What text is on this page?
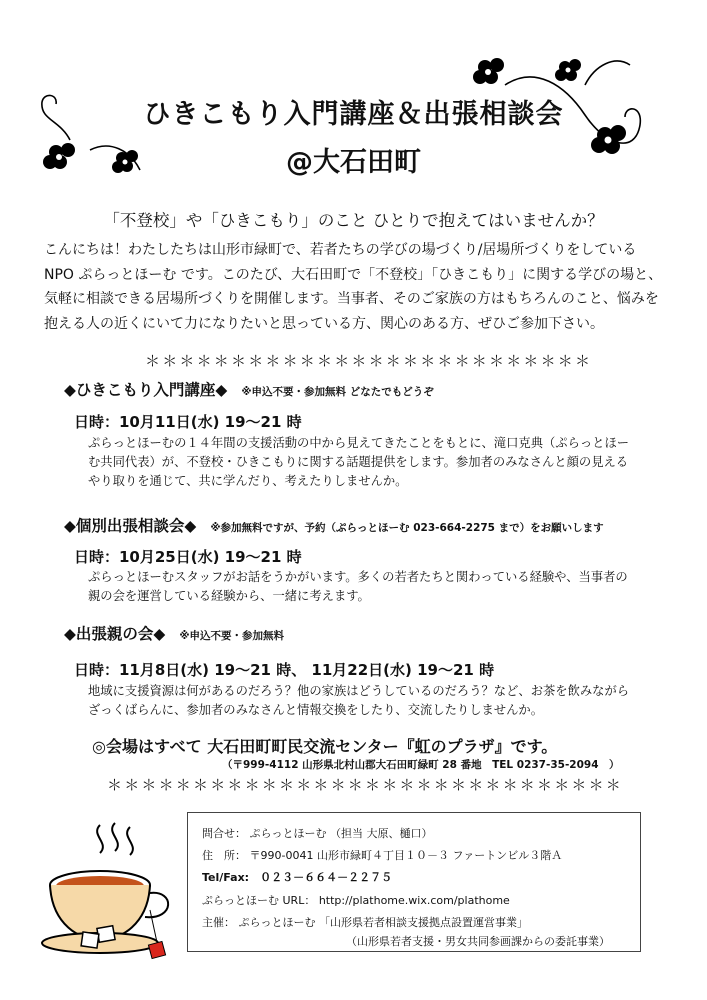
ひきこもり入門講座＆出張相談会
@大石田町
「不登校」や「ひきこもり」のこと ひとりで抱えてはいませんか？
こんにちは！わたしたちは山形市緑町で、若者たちの学びの場づくり/居場所づくりをしている
NPO ぷらっとほーむ です。このたび、大石田町で「不登校」「ひきこもり」に関する学びの場と、
気軽に相談できる居場所づくりを開催します。当事者、そのご家族の方はもちろんのこと、悩みを
抱える人の近くにいて力になりたいと思っている方、関心のある方、ぜひご参加下さい。
＊＊＊＊＊＊＊＊＊＊＊＊＊＊＊＊＊＊＊＊＊＊＊＊＊＊
◆ひきこもり入門講座◆ ※申込不要・参加無料 どなたでもどうぞ
日時：10月11日(水) 19～21 時
ぷらっとほーむの１４年間の支援活動の中から見えてきたことをもとに、滝口克典（ぷらっとほー
む共同代表）が、不登校・ひきこもりに関する話題提供をします。参加者のみなさんと顔の見える
やり取りを通じて、共に学んだり、考えたりしませんか。
◆個別出張相談会◆ ※参加無料ですが、予約（ぷらっとほーむ 023-664-2275 まで）をお願いします
日時：10月25日(水) 19～21 時
ぷらっとほーむスタッフがお話をうかがいます。多くの若者たちと関わっている経験や、当事者の
親の会を運営している経験から、一緒に考えます。
◆出張親の会◆ ※申込不要・参加無料
日時：11月8日(水) 19～21 時、 11月22日(水) 19～21 時
地域に支援資源は何があるのだろう？他の家族はどうしているのだろう？など、お茶を飲みながら
ざっくばらんに、参加者のみなさんと情報交換をしたり、交流したりしませんか。
◎会場はすべて 大石田町町民交流センター『虹のプラザ』です。
（〒999-4112 山形県北村山郡大石田町緑町 28 番地　TEL 0237-35-2094　）
＊＊＊＊＊＊＊＊＊＊＊＊＊＊＊＊＊＊＊＊＊＊＊＊＊＊＊＊＊＊
問合せ： ぷらっとほーむ （担当 大原、樋口）
住　所： 〒990-0041 山形市緑町４丁目１０－３ ファートンビル３階Ａ
Tel/Fax:　０２３－６６４－２２７５
ぷらっとほーむ URL： http://plathome.wix.com/plathome
主催： ぷらっとほーむ 「山形県若者相談支援拠点設置運営事業」
（山形県若者支援・男女共同参画課からの委託事業）
